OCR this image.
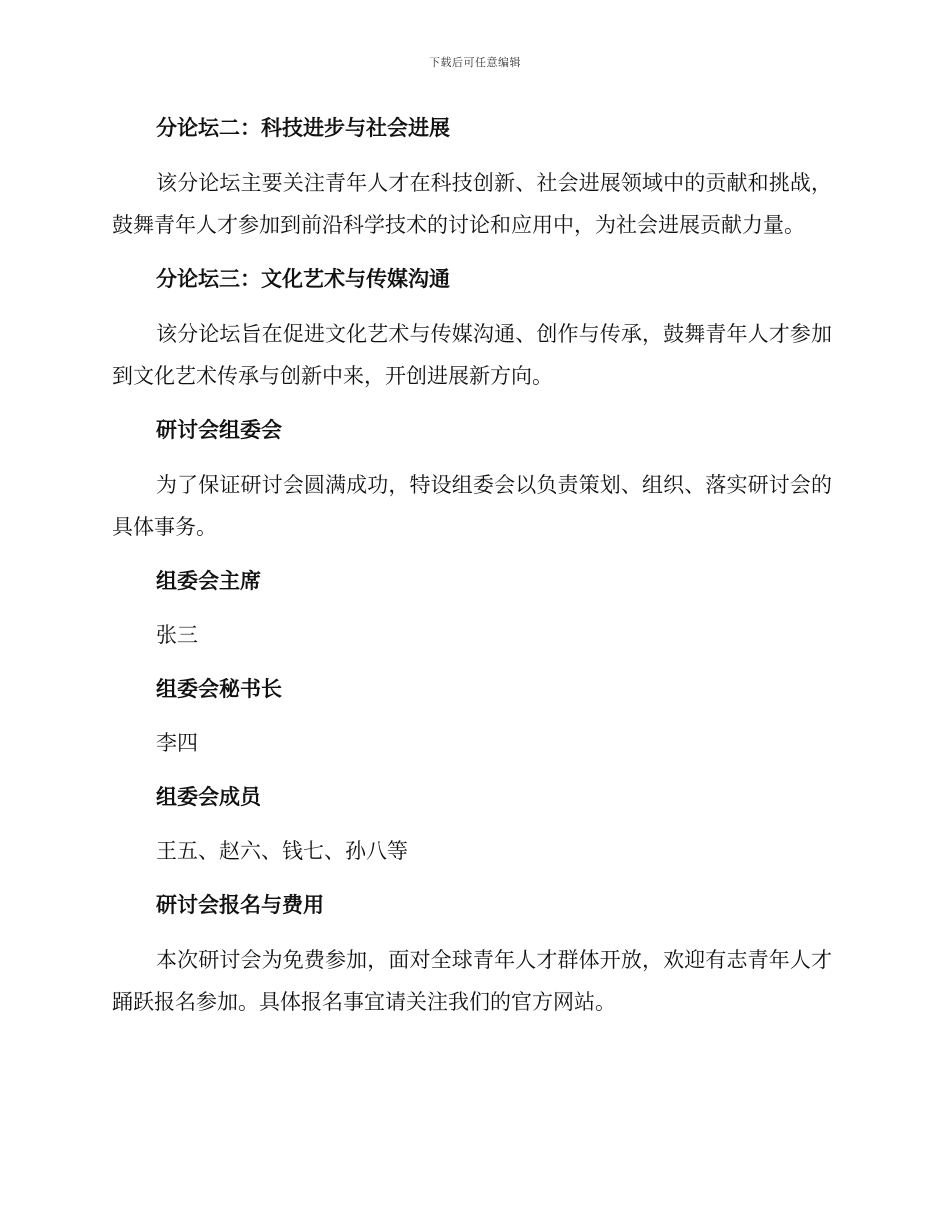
下载后可任意编辑
分论坛二：科技进步与社会进展
该分论坛主要关注青年人才在科技创新、社会进展领域中的贡献和挑战，鼓舞青年人才参加到前沿科学技术的讨论和应用中，为社会进展贡献力量。
分论坛三：文化艺术与传媒沟通
该分论坛旨在促进文化艺术与传媒沟通、创作与传承，鼓舞青年人才参加到文化艺术传承与创新中来，开创进展新方向。
研讨会组委会
为了保证研讨会圆满成功，特设组委会以负责策划、组织、落实研讨会的具体事务。
组委会主席
张三
组委会秘书长
李四
组委会成员
王五、赵六、钱七、孙八等
研讨会报名与费用
本次研讨会为免费参加，面对全球青年人才群体开放，欢迎有志青年人才踊跃报名参加。具体报名事宜请关注我们的官方网站。
